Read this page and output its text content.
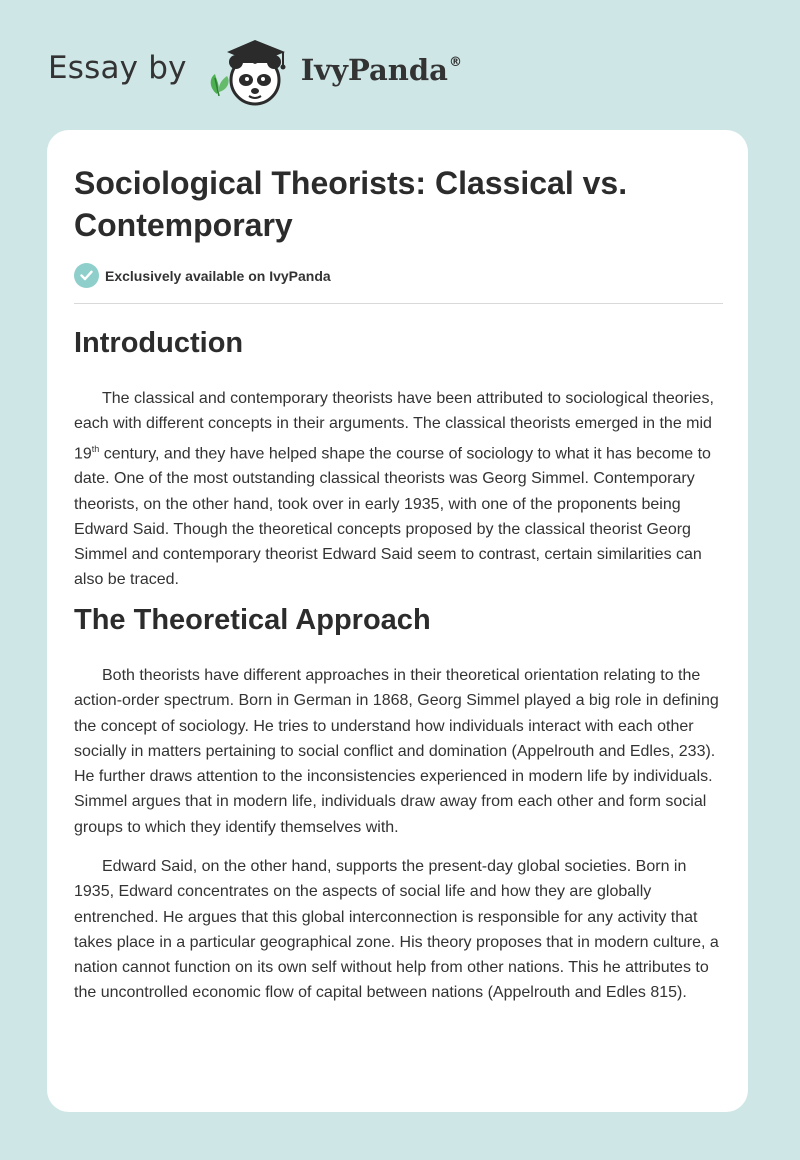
Essay by	IvyPanda®
Sociological Theorists: Classical vs. Contemporary
Exclusively available on IvyPanda
Introduction

The classical and contemporary theorists have been attributed to sociological theories, each with different concepts in their arguments. The classical theorists emerged in the mid 19th century, and they have helped shape the course of sociology to what it has become to date. One of the most outstanding classical theorists was Georg Simmel. Contemporary theorists, on the other hand, took over in early 1935, with one of the proponents being Edward Said. Though the theoretical concepts proposed by the classical theorist Georg Simmel and contemporary theorist Edward Said seem to contrast, certain similarities can also be traced.

The Theoretical Approach

Both theorists have different approaches in their theoretical orientation relating to the action-order spectrum. Born in German in 1868, Georg Simmel played a big role in defining the concept of sociology. He tries to understand how individuals interact with each other socially in matters pertaining to social conflict and domination (Appelrouth and Edles, 233). He further draws attention to the inconsistencies experienced in modern life by individuals. Simmel argues that in modern life, individuals draw away from each other and form social groups to which they identify themselves with.

Edward Said, on the other hand, supports the present-day global societies. Born in 1935, Edward concentrates on the aspects of social life and how they are globally entrenched. He argues that this global interconnection is responsible for any activity that takes place in a particular geographical zone. His theory proposes that in modern culture, a nation cannot function on its own self without help from other nations. This he attributes to the uncontrolled economic flow of capital between nations (Appelrouth and Edles 815).
